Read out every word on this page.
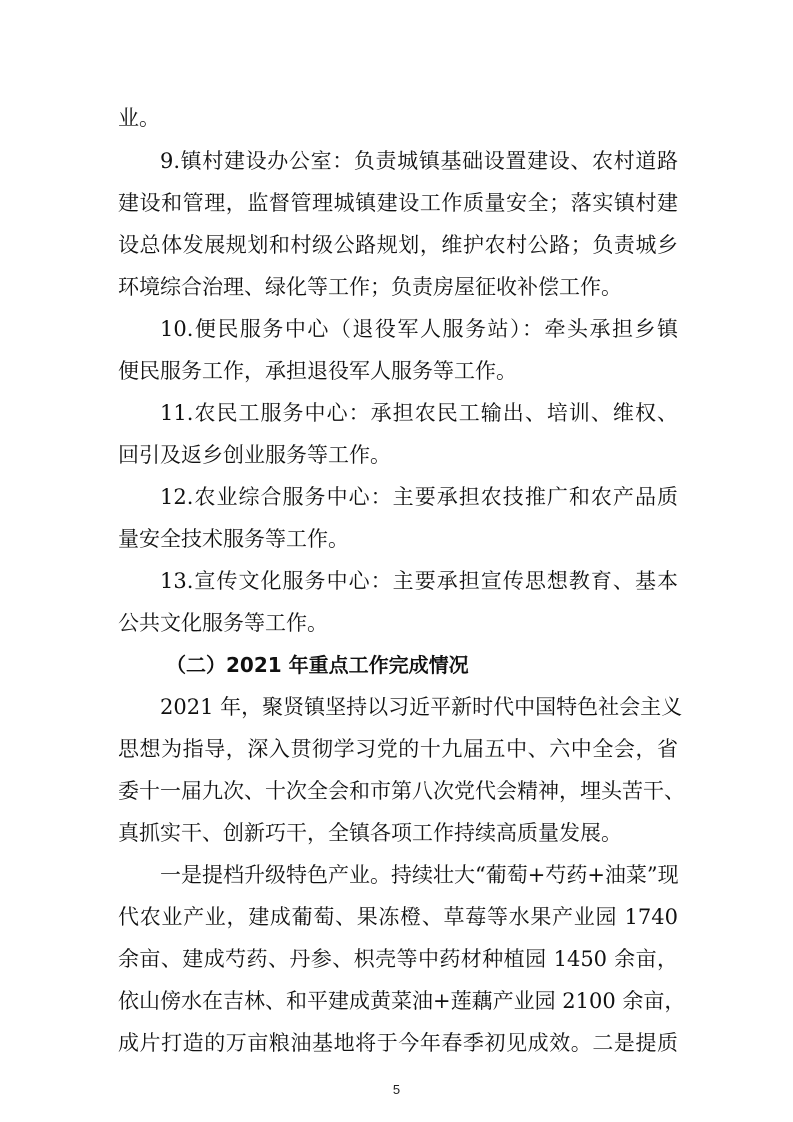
业。
9.镇村建设办公室：负责城镇基础设置建设、农村道路
建设和管理，监督管理城镇建设工作质量安全；落实镇村建
设总体发展规划和村级公路规划，维护农村公路；负责城乡
环境综合治理、绿化等工作；负责房屋征收补偿工作。
10.便民服务中心（退役军人服务站）：牵头承担乡镇
便民服务工作，承担退役军人服务等工作。
11.农民工服务中心：承担农民工输出、培训、维权、
回引及返乡创业服务等工作。
12.农业综合服务中心：主要承担农技推广和农产品质
量安全技术服务等工作。
13.宣传文化服务中心：主要承担宣传思想教育、基本
公共文化服务等工作。
（二）2021 年重点工作完成情况
2021 年，聚贤镇坚持以习近平新时代中国特色社会主义
思想为指导，深入贯彻学习党的十九届五中、六中全会，省
委十一届九次、十次全会和市第八次党代会精神，埋头苦干、
真抓实干、创新巧干，全镇各项工作持续高质量发展。
一是提档升级特色产业。持续壮大“葡萄+芍药+油菜”现
代农业产业，建成葡萄、果冻橙、草莓等水果产业园 1740
余亩、建成芍药、丹参、枳壳等中药材种植园 1450 余亩，
依山傍水在吉林、和平建成黄菜油+莲藕产业园 2100 余亩，
成片打造的万亩粮油基地将于今年春季初见成效。二是提质
5
